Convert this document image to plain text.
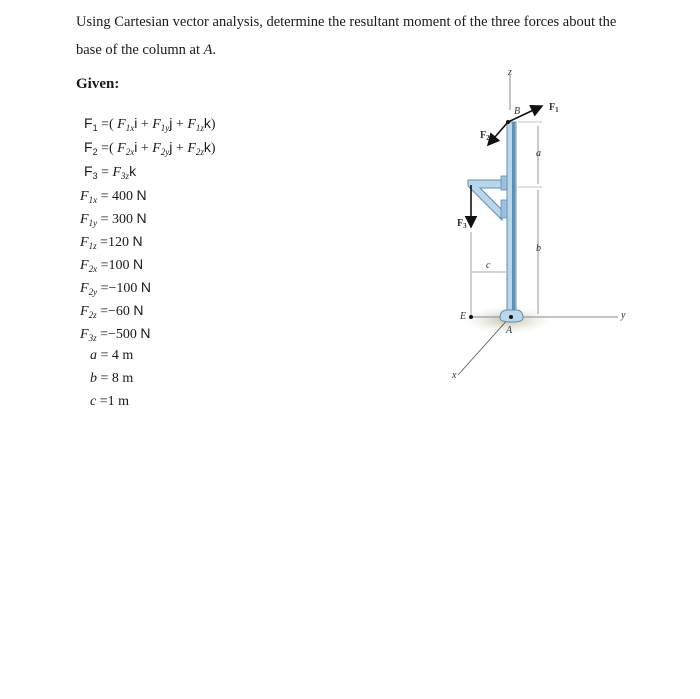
Using Cartesian vector analysis, determine the resultant moment of the three forces about the
base of the column at A.
Given:
$F_1$ =( $F_{1x}i + F_{1y}j + F_{1z}k$)
$F_2$ =( $F_{2x}i + F_{2y}j + F_{2z}k$)
$F_3 = F_{3z}k$
$F_{1x} = 400$ N
$F_{1y} = 300$ N
$F_{1z} =120$ N
$F_{2x} =100$ N
$F_{2y} =-100$ N
$F_{2z} =-60$ N
$F_{3z} =-500$ N
a = 4 m
b = 8 m
c =1 m
z
y
x
B
A
E
$F_1$
$F_2$
$F_3$
a
b
c
